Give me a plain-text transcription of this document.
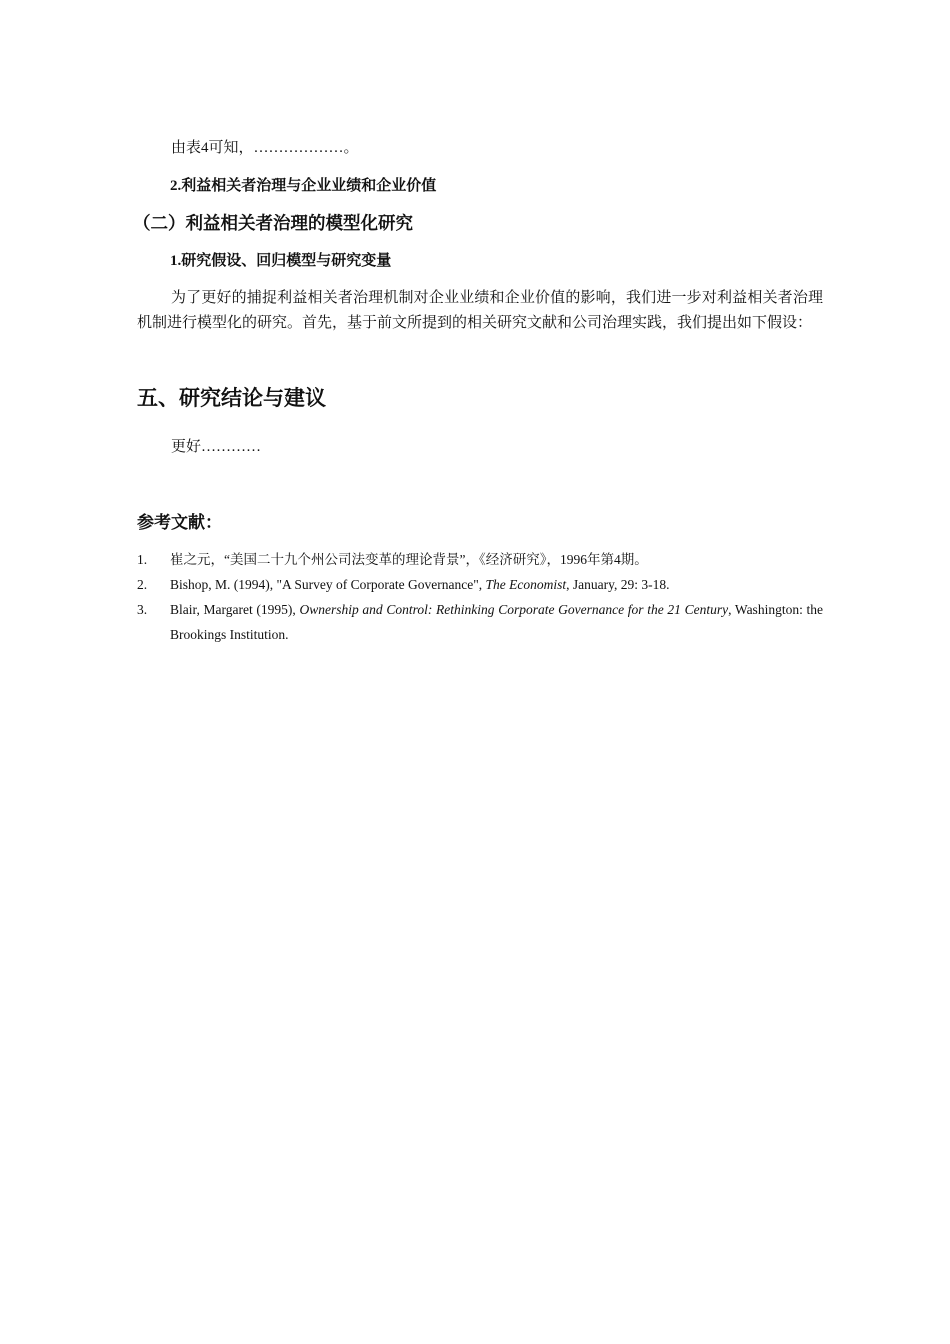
由表4可知，………………。

2.利益相关者治理与企业业绩和企业价值
（二）利益相关者治理的模型化研究
1.研究假设、回归模型与研究变量

为了更好的捕捉利益相关者治理机制对企业业绩和企业价值的影响，我们进一步对利益相关者治理机制进行模型化的研究。首先，基于前文所提到的相关研究文献和公司治理实践，我们提出如下假设：

五、研究结论与建议

更好…………

参考文献：
1. 崔之元，“美国二十九个州公司法变革的理论背景”，《经济研究》，1996年第4期。
2. Bishop, M. (1994), "A Survey of Corporate Governance", The Economist, January, 29: 3-18.
3. Blair, Margaret (1995), Ownership and Control: Rethinking Corporate Governance for the 21 Century, Washington: the Brookings Institution.
